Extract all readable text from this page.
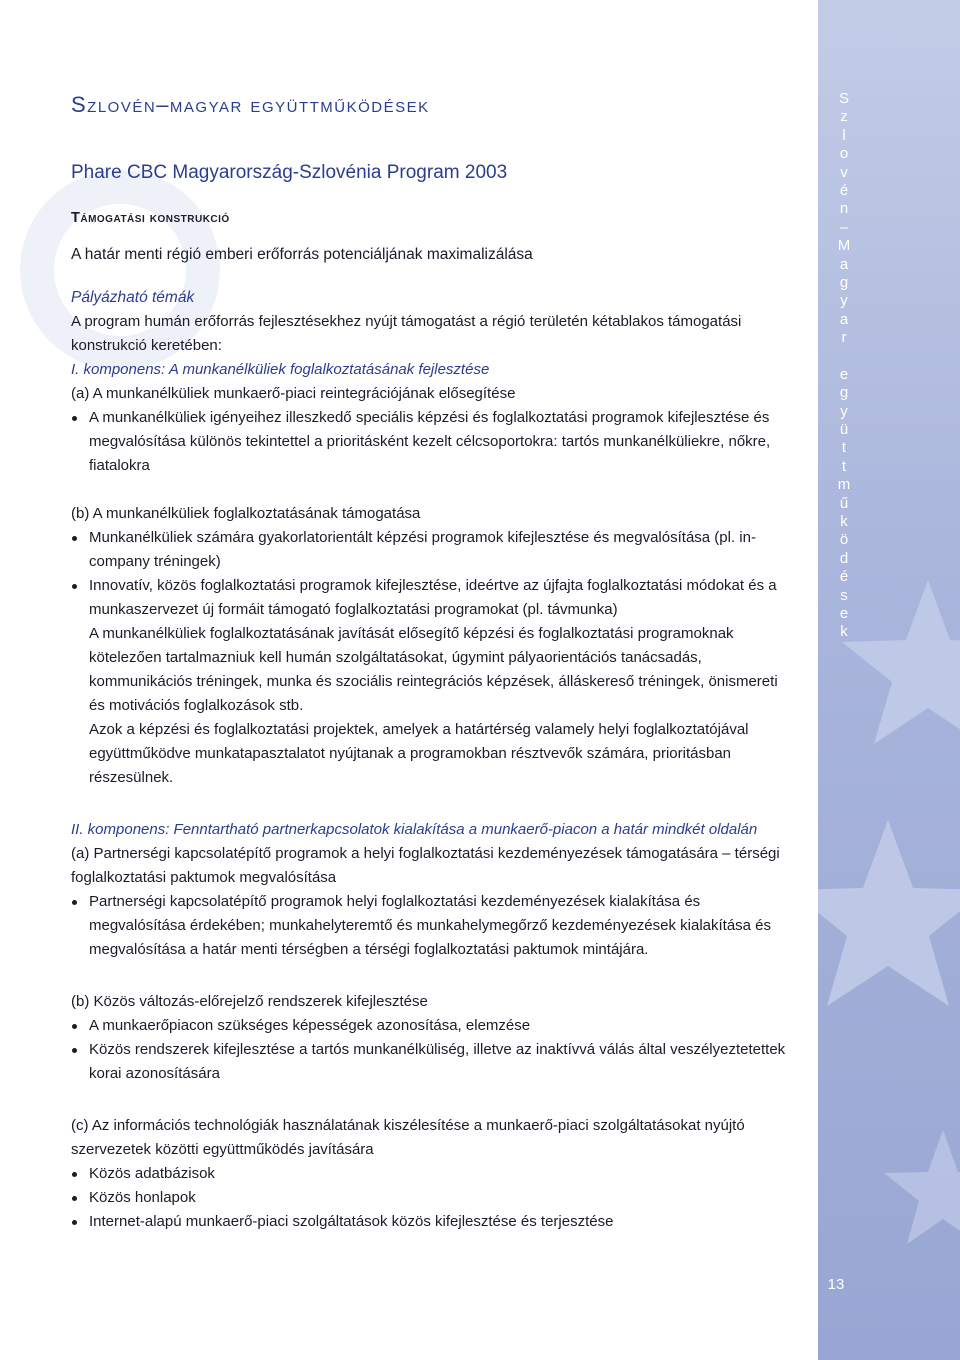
S
z
l
o
v
é
n
–
M
a
g
y
a
r

e
g
y
ü
t
t
m
ű
k
ö
d
é
s
e
k
13
Szlovén–magyar együttműködések
Phare CBC Magyarország-Szlovénia Program 2003
Támogatási konstrukció
A határ menti régió emberi erőforrás potenciáljának maximalizálása
Pályázható témák

A program humán erőforrás fejlesztésekhez nyújt támogatást a régió területén kétablakos támogatási konstrukció keretében:

I. komponens: A munkanélküliek foglalkoztatásának fejlesztése

(a) A munkanélküliek munkaerő-piaci reintegrációjának elősegítése

A munkanélküliek igényeihez illeszkedő speciális képzési és foglalkoztatási programok kifejlesztése és megvalósítása különös tekintettel a prioritásként kezelt célcsoportokra: tartós munkanélküliekre, nőkre, fiatalokra

(b) A munkanélküliek foglalkoztatásának támogatása

Munkanélküliek számára gyakorlatorientált képzési programok kifejlesztése és megvalósítása (pl. in-company tréningek)

Innovatív, közös foglalkoztatási programok kifejlesztése, ideértve az újfajta foglalkoztatási módokat és a munkaszervezet új formáit támogató foglalkoztatási programokat (pl. távmunka)

A munkanélküliek foglalkoztatásának javítását elősegítő képzési és foglalkoztatási programoknak kötelezően tartalmazniuk kell humán szolgáltatásokat, úgymint pályaorientációs tanácsadás, kommunikációs tréningek, munka és szociális reintegrációs képzések, álláskereső tréningek, önismereti és motivációs foglalkozások stb.

Azok a képzési és foglalkoztatási projektek, amelyek a határtérség valamely helyi foglalkoztatójával együttműködve munkatapasztalatot nyújtanak a programokban résztvevők számára, prioritásban részesülnek.

II. komponens: Fenntartható partnerkapcsolatok kialakítása a munkaerő-piacon a határ mindkét oldalán

(a) Partnerségi kapcsolatépítő programok a helyi foglalkoztatási kezdeményezések támogatására – térségi foglalkoztatási paktumok megvalósítása

Partnerségi kapcsolatépítő programok helyi foglalkoztatási kezdeményezések kialakítása és megvalósítása érdekében; munkahelyteremtő és munkahelymegőrző kezdeményezések kialakítása és megvalósítása a határ menti térségben a térségi foglalkoztatási paktumok mintájára.

(b) Közös változás-előrejelző rendszerek kifejlesztése

A munkaerőpiacon szükséges képességek azonosítása, elemzése

Közös rendszerek kifejlesztése a tartós munkanélküliség, illetve az inaktívvá válás által veszélyeztetettek korai azonosítására

(c) Az információs technológiák használatának kiszélesítése a munkaerő-piaci szolgáltatásokat nyújtó szervezetek közötti együttműködés javítására

Közös adatbázisok

Közös honlapok

Internet-alapú munkaerő-piaci szolgáltatások közös kifejlesztése és terjesztése
